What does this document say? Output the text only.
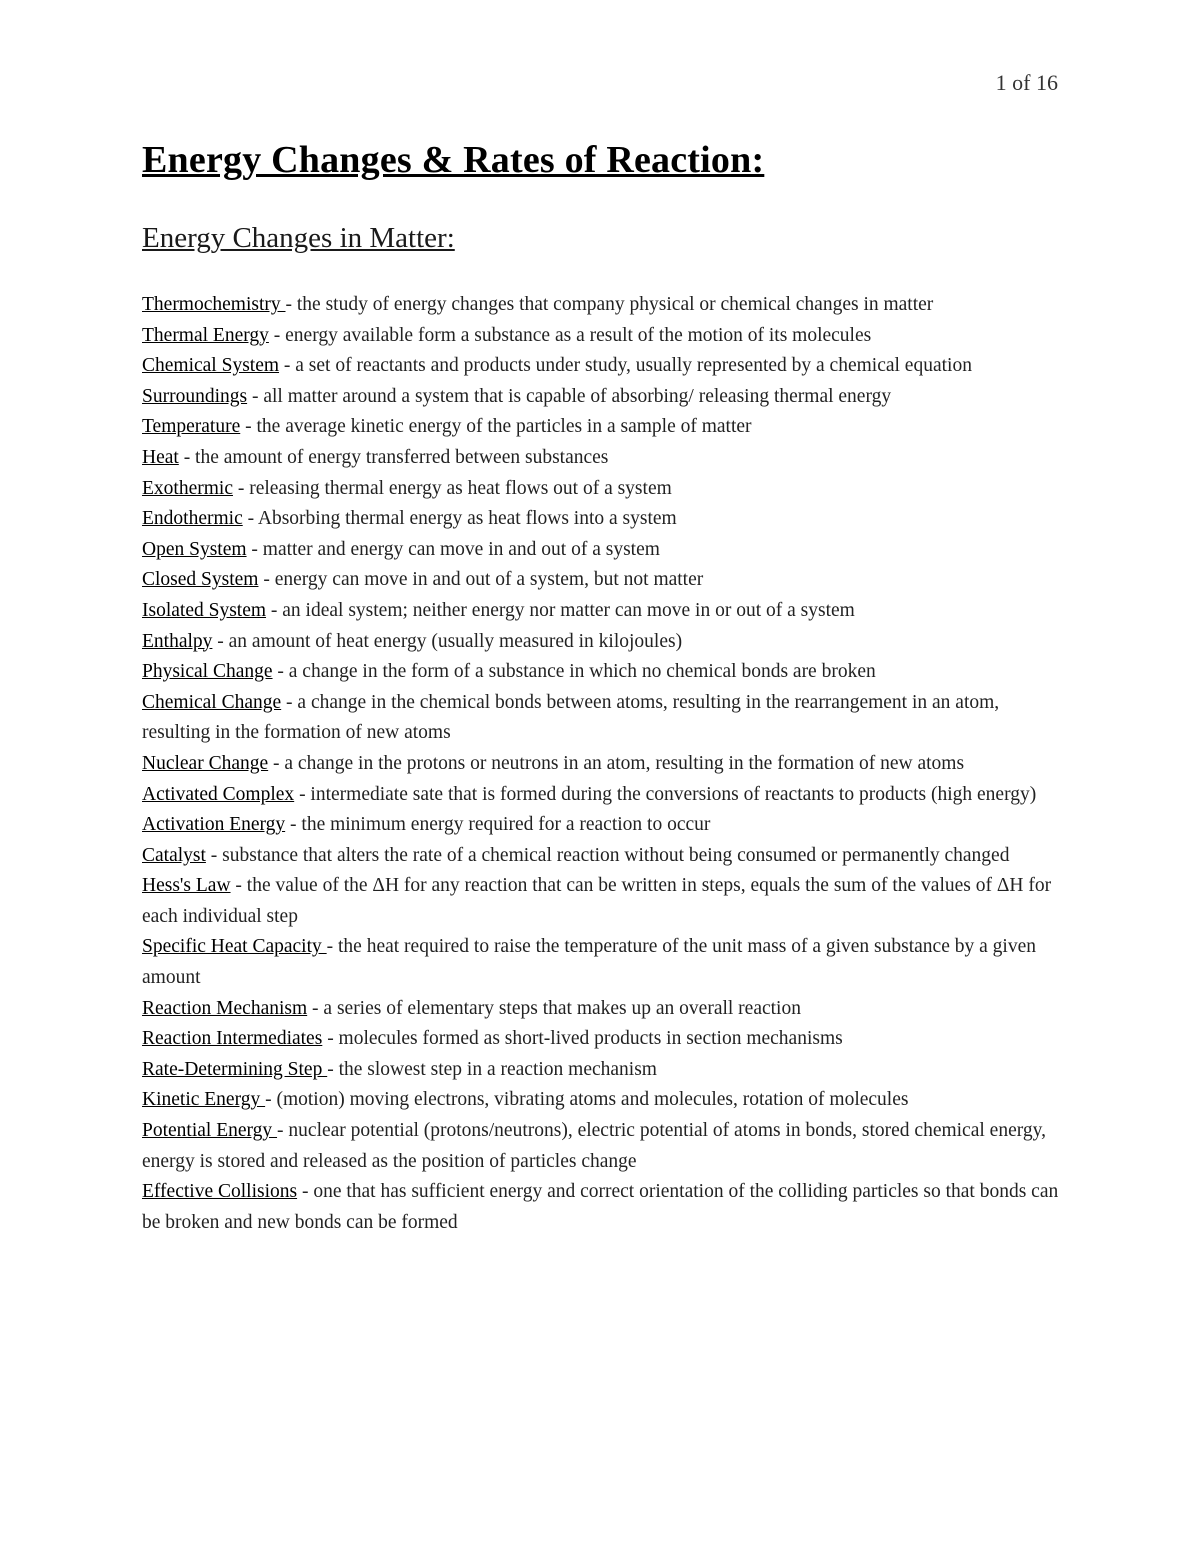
1 of 16
Energy Changes & Rates of Reaction:
Energy Changes in Matter:
Thermochemistry - the study of energy changes that company physical or chemical changes in matter
Thermal Energy - energy available form a substance as a result of the motion of its molecules
Chemical System - a set of reactants and products under study, usually represented by a chemical equation
Surroundings - all matter around a system that is capable of absorbing/ releasing thermal energy
Temperature - the average kinetic energy of the particles in a sample of matter
Heat - the amount of energy transferred between substances
Exothermic - releasing thermal energy as heat flows out of a system
Endothermic - Absorbing thermal energy as heat flows into a system
Open System - matter and energy can move in and out of a system
Closed System - energy can move in and out of a system, but not matter
Isolated System - an ideal system; neither energy nor matter can move in or out of a system
Enthalpy - an amount of heat energy (usually measured in kilojoules)
Physical Change - a change in the form of a substance in which no chemical bonds are broken
Chemical Change - a change in the chemical bonds between atoms, resulting in the rearrangement in an atom, resulting in the formation of new atoms
Nuclear Change - a change in the protons or neutrons in an atom, resulting in the formation of new atoms
Activated Complex - intermediate sate that is formed during the conversions of reactants to products (high energy)
Activation Energy - the minimum energy required for a reaction to occur
Catalyst - substance that alters the rate of a chemical reaction without being consumed or permanently changed
Hess's Law - the value of the ΔH for any reaction that can be written in steps, equals the sum of the values of ΔH for each individual step
Specific Heat Capacity - the heat required to raise the temperature of the unit mass of a given substance by a given amount
Reaction Mechanism - a series of elementary steps that makes up an overall reaction
Reaction Intermediates - molecules formed as short-lived products in section mechanisms
Rate-Determining Step - the slowest step in a reaction mechanism
Kinetic Energy - (motion) moving electrons, vibrating atoms and molecules, rotation of molecules
Potential Energy - nuclear potential (protons/neutrons), electric potential of atoms in bonds, stored chemical energy, energy is stored and released as the position of particles change
Effective Collisions - one that has sufficient energy and correct orientation of the colliding particles so that bonds can be broken and new bonds can be formed
